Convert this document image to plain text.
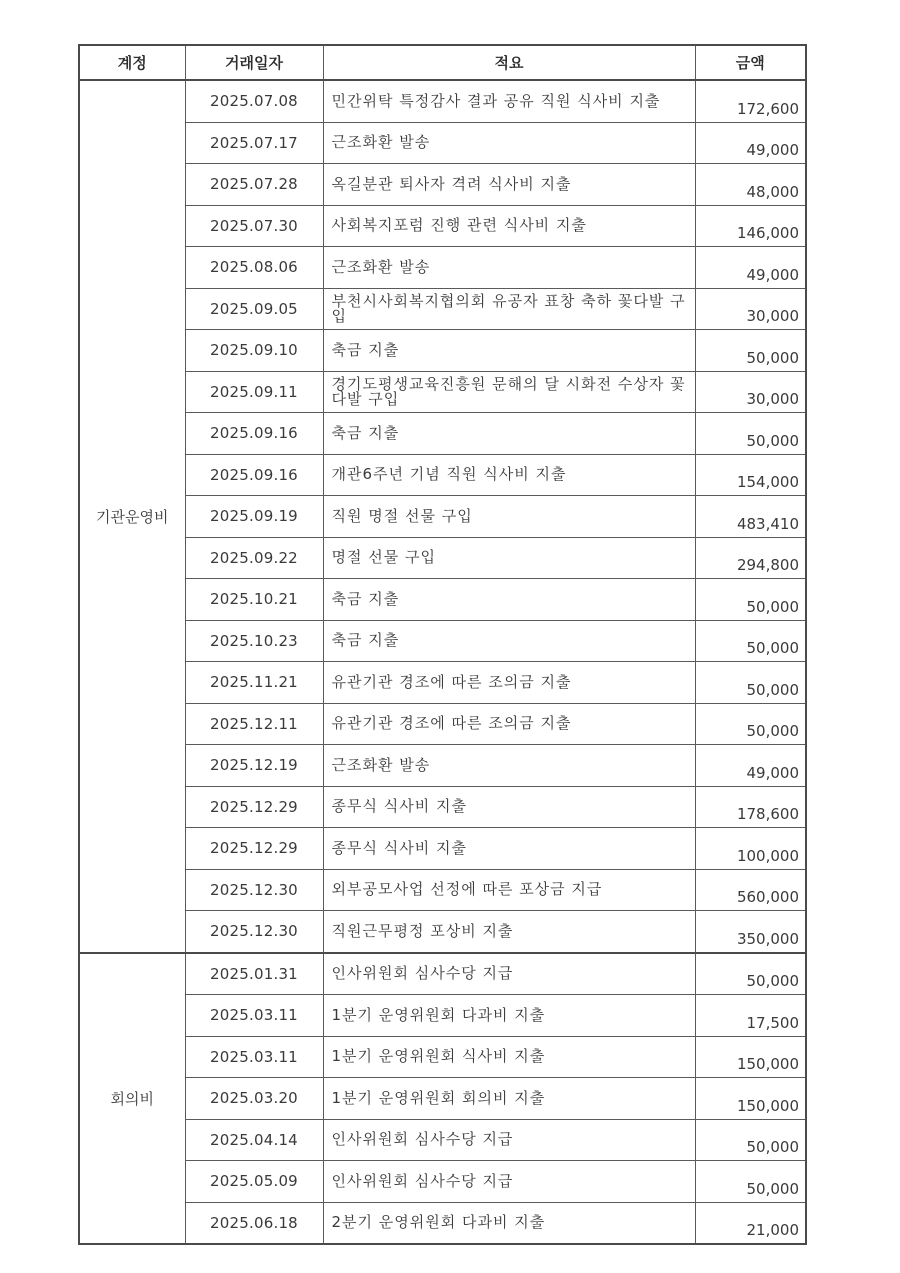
계정	거래일자	적요	금액
기관운영비	2025.07.08	민간위탁 특정감사 결과 공유 직원 식사비 지출	172,600
	2025.07.17	근조화환 발송	49,000
	2025.07.28	옥길분관 퇴사자 격려 식사비 지출	48,000
	2025.07.30	사회복지포럼 진행 관련 식사비 지출	146,000
	2025.08.06	근조화환 발송	49,000
	2025.09.05	부천시사회복지협의회 유공자 표창 축하 꽃다발 구입	30,000
	2025.09.10	축금 지출	50,000
	2025.09.11	경기도평생교육진흥원 문해의 달 시화전 수상자 꽃다발 구입	30,000
	2025.09.16	축금 지출	50,000
	2025.09.16	개관6주년 기념 직원 식사비 지출	154,000
	2025.09.19	직원 명절 선물 구입	483,410
	2025.09.22	명절 선물 구입	294,800
	2025.10.21	축금 지출	50,000
	2025.10.23	축금 지출	50,000
	2025.11.21	유관기관 경조에 따른 조의금 지출	50,000
	2025.12.11	유관기관 경조에 따른 조의금 지출	50,000
	2025.12.19	근조화환 발송	49,000
	2025.12.29	종무식 식사비 지출	178,600
	2025.12.29	종무식 식사비 지출	100,000
	2025.12.30	외부공모사업 선정에 따른 포상금 지급	560,000
	2025.12.30	직원근무평정 포상비 지출	350,000
회의비	2025.01.31	인사위원회 심사수당 지급	50,000
	2025.03.11	1분기 운영위원회 다과비 지출	17,500
	2025.03.11	1분기 운영위원회 식사비 지출	150,000
	2025.03.20	1분기 운영위원회 회의비 지출	150,000
	2025.04.14	인사위원회 심사수당 지급	50,000
	2025.05.09	인사위원회 심사수당 지급	50,000
	2025.06.18	2분기 운영위원회 다과비 지출	21,000
